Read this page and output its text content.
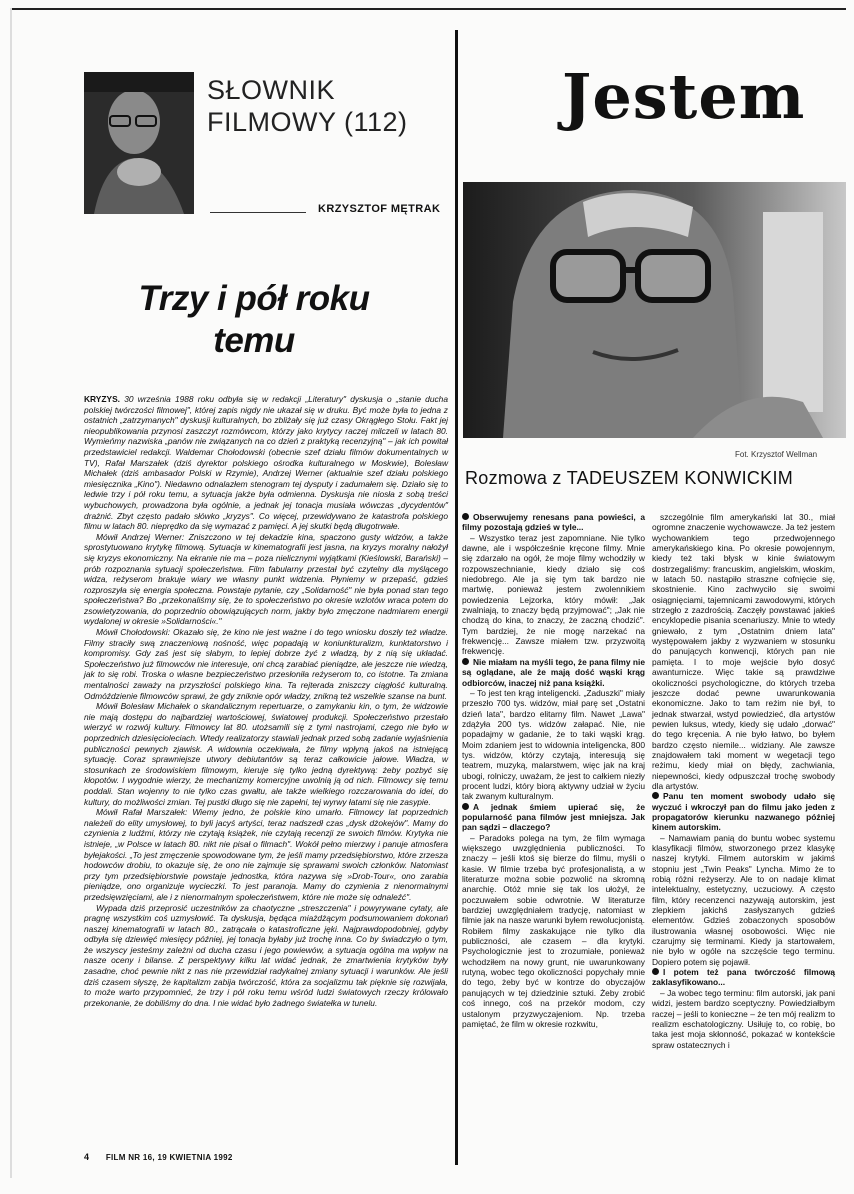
SŁOWNIK
FILMOWY (112)
KRZYSZTOF MĘTRAK
Trzy i pół roku
temu

KRYZYS. 30 września 1988 roku odbyła się w redakcji „Literatury" dyskusja o „stanie ducha polskiej twórczości filmowej", której zapis nigdy nie ukazał się w druku. Być może była to jedna z ostatnich „zatrzymanych" dyskusji kulturalnych, bo zbliżały się już czasy Okrągłego Stołu. Fakt jej nieopublikowania przynosi zaszczyt rozmówcom, którzy jako krytycy raczej milczeli w latach 80. Wymieńmy nazwiska „panów nie związanych na co dzień z praktyką recenzyjną" – jak ich powitał przedstawiciel redakcji. Waldemar Chołodowski (obecnie szef działu filmów dokumentalnych w TV), Rafał Marszałek (dziś dyrektor polskiego ośrodka kulturalnego w Moskwie), Bolesław Michałek (dziś ambasador Polski w Rzymie), Andrzej Werner (aktualnie szef działu polskiego miesięcznika „Kino"). Niedawno odnalazłem stenogram tej dysputy i zadumałem się. Działo się to ledwie trzy i pół roku temu, a sytuacja jakże była odmienna. Dyskusja nie niosła z sobą treści wybuchowych, prowadzona była ogólnie, a jednak jej tonacja musiała wówczas „dycydentów" drażnić. Zbyt często padało słówko „kryzys". Co więcej, przewidywano że katastrofa polskiego filmu w latach 80. nieprędko da się wymazać z pamięci. A jej skutki będą długotrwałe.

Mówił Andrzej Werner: Zniszczono w tej dekadzie kina, spaczono gusty widzów, a także sprostytuowano krytykę filmową. Sytuacja w kinematografii jest jasna, na kryzys moralny nałożył się kryzys ekonomiczny. Na ekranie nie ma – poza nielicznymi wyjątkami (Kieślowski, Barański) – prób rozpoznania sytuacji społeczeństwa. Film fabularny przestał być czytelny dla myślącego widza, reżyserom brakuje wiary we własny punkt widzenia. Płyniemy w przepaść, gdzieś rozproszyła się energia społeczna. Powstaje pytanie, czy „Solidarność" nie była ponad stan tego społeczeństwa? Bo „przekonaliśmy się, że to społeczeństwo po okresie wzlotów wraca potem do zsowietyzowania, do poprzednio obowiązujących norm, jakby było zmęczone nadmiarem energii wydalonej w okresie »Solidarności«."

Mówił Chołodowski: Okazało się, że kino nie jest ważne i do tego wniosku doszły też władze. Filmy straciły swą znaczeniową nośność, więc popadają w koniunkturalizm, kunktatorstwo i kompromisy. Gdy zaś jest się słabym, to lepiej dobrze żyć z władzą, by z nią się układać. Społeczeństwo już filmowców nie interesuje, oni chcą zarabiać pieniądze, ale jeszcze nie wiedzą, jak to się robi. Troska o własne bezpieczeństwo przesłoniła reżyserom to, co istotne. Ta zmiana mentalności zaważy na przyszłości polskiego kina. Ta rejterada zniszczy ciągłość kulturalną. Odmóździenie filmowców sprawi, że gdy zniknie opór władzy, znikną też wszelkie szanse na bunt.

Mówił Bolesław Michałek o skandalicznym repertuarze, o zamykaniu kin, o tym, że widzowie nie mają dostępu do najbardziej wartościowej, światowej produkcji. Społeczeństwo przestało wierzyć w rozwój kultury. Filmowcy lat 80. utożsamili się z tymi nastrojami, czego nie było w poprzednich dziesięcioleciach. Wtedy realizatorzy stawiali jednak przed sobą zadanie wyjaśnienia publiczności pewnych zjawisk. A widownia oczekiwała, że filmy wpłyną jakoś na istniejącą sytuację. Coraz sprawniejsze utwory debiutantów są teraz całkowicie jałowe. Władza, w stosunkach ze środowiskiem filmowym, kieruje się tylko jedną dyrektywą: żeby pozbyć się kłopotów. I wygodnie wierzy, że mechanizmy komercyjne uwolnią ją od nich. Filmowcy się temu poddali. Stan wojenny to nie tylko czas gwałtu, ale także wielkiego rozczarowania do idei, do kultury, do możliwości zmian. Tej pustki długo się nie zapełni, tej wyrwy łatami się nie zasypie.

Mówił Rafał Marszałek: Wiemy jedno, że polskie kino umarło. Filmowcy lat poprzednich należeli do elity umysłowej, to byli jacyś artyści, teraz nadszedł czas „dysk dżokejów". Mamy do czynienia z ludźmi, którzy nie czytają książek, nie czytają recenzji ze swoich filmów. Krytyka nie istnieje, „w Polsce w latach 80. nikt nie pisał o filmach". Wokół pełno mierzwy i panuje atmosfera byłejakości. „To jest zmęczenie spowodowane tym, że jeśli mamy przedsiębiorstwo, które zrzesza hodowców drobiu, to okazuje się, że ono nie zajmuje się sprawami swoich członków. Natomiast przy tym przedsiębiorstwie powstaje jednostka, która nazywa się »Drob-Tour«, ono zarabia pieniądze, ono organizuje wycieczki. To jest paranoja. Mamy do czynienia z nienormalnymi przedsięwzięciami, ale i z nienormalnym społeczeństwem, które nie może się odnaleźć".

Wypada dziś przeprosić uczestników za chaotyczne „streszczenia" i powyrywane cytaty, ale pragnę wszystkim coś uzmysłowić. Ta dyskusja, będąca miażdżącym podsumowaniem dokonań naszej kinematografii w latach 80., zatrącała o katastroficzne jęki. Najprawdopodobniej, gdyby odbyła się dziewięć miesięcy później, jej tonacja byłaby już trochę inna. Co by świadczyło o tym, że wszyscy jesteśmy zależni od ducha czasu i jego powiewów, a sytuacja ogólna ma wpływ na nasze oceny i bilanse. Z perspektywy kilku lat widać jednak, że zmartwienia krytyków były zasadne, choć pewnie nikt z nas nie przewidział radykalnej zmiany sytuacji i warunków. Ale jeśli dziś czasem słyszę, że kapitalizm zabija twórczość, która za socjalizmu tak pięknie się rozwijała, to może warto przypomnieć, że trzy i pół roku temu wśród ludzi światowych rzeczy królowało przekonanie, że dobiliśmy do dna. I nie widać było żadnego światełka w tunelu.

4 FILM NR 16, 19 KWIETNIA 1992
Jestem
Fot. Krzysztof Wellman
Rozmowa z TADEUSZEM KONWICKIM

Obserwujemy renesans pana powieści, a filmy pozostają gdzieś w tyle...

– Wszystko teraz jest zapomniane. Nie tylko dawne, ale i współcześnie kręcone filmy. Mnie się zdarzało na ogół, że moje filmy wchodziły w rozpowszechnianie, kiedy działo się coś niedobrego. Ale ja się tym tak bardzo nie martwię, ponieważ jestem zwolennikiem powiedzenia Lejzorka, który mówił: „Jak zwalniają, to znaczy będą przyjmować"; „Jak nie chodzą do kina, to znaczy, że zaczną chodzić". Tym bardziej, że nie mogę narzekać na frekwencję... Zawsze miałem tzw. przyzwoitą frekwencję.

Nie miałam na myśli tego, że pana filmy nie są oglądane, ale że mają dość wąski krąg odbiorców, inaczej niż pana książki.

– To jest ten krąg inteligencki. „Zaduszki" miały przeszło 700 tys. widzów, miał parę set „Ostatni dzień lata", bardzo elitarny film. Nawet „Lawa" zdążyła 200 tys. widzów załapać. Nie, nie popadajmy w gadanie, że to taki wąski krąg. Moim zdaniem jest to widownia inteligencka, 800 tys. widzów, którzy czytają, interesują się teatrem, muzyką, malarstwem, więc jak na kraj ubogi, rolniczy, uważam, że jest to całkiem niezły procent ludzi, który biorą aktywny udział w życiu tak zwanym kulturalnym.

A jednak śmiem upierać się, że popularność pana filmów jest mniejsza. Jak pan sądzi – dlaczego?

– Paradoks polega na tym, że film wymaga większego uwzględnienia publiczności. To znaczy – jeśli ktoś się bierze do filmu, myśli o kasie. W filmie trzeba być profesjonalistą, a w literaturze można sobie pozwolić na skromną anarchię. Otóż mnie się tak los ułożył, że poczuwałem sobie odwrotnie. W literaturze bardziej uwzględniałem tradycję, natomiast w filmie jak na nasze warunki byłem rewolucjonistą. Robiłem filmy zaskakujące nie tylko dla publiczności, ale czasem – dla krytyki. Psychologicznie jest to zrozumiałe, ponieważ wchodziłem na nowy grunt, nie uwarunkowany rutyną, wobec tego okoliczności popychały mnie do tego, żeby być w kontrze do obyczajów panujących w tej dziedzinie sztuki. Żeby zrobić coś innego, coś na przekór modom, czy ustalonym przyzwyczajeniom. Np. trzeba pamiętać, że film w okresie rozkwitu,

szczególnie film amerykański lat 30., miał ogromne znaczenie wychowawcze. Ja też jestem wychowankiem tego przedwojennego amerykańskiego kina. Po okresie powojennym, kiedy też taki błysk w kinie światowym dostrzegaliśmy: francuskim, angielskim, włoskim, w latach 50. nastąpiło straszne cofnięcie się, skostnienie. Kino zachwyciło się swoimi osiągnięciami, tajemnicami zawodowymi, których strzegło z zazdrością. Zaczęły powstawać jakieś encyklopedie pisania scenariuszy. Mnie to wtedy gniewało, z tym „Ostatnim dniem lata" występowałem jakby z wyzwaniem w stosunku do panujących konwencji, których pan nie pamięta. I to moje wejście było dosyć awanturnicze. Więc takie są prawdziwe okoliczności psychologiczne, do których trzeba jeszcze dodać pewne uwarunkowania ekonomiczne. Jako to tam reżim nie był, to jednak stwarzał, wstyd powiedzieć, dla artystów pewien luksus, wtedy, kiedy się udało „dorwać" do tego kręcenia. A nie było łatwo, bo byłem bardzo często niemile... widziany. Ale zawsze znajdowałem taki moment w wegetacji tego reżimu, kiedy miał on błędy, zachwiania, niepewności, kiedy odpuszczał trochę swobody dla artystów.

Panu ten moment swobody udało się wyczuć i wkroczył pan do filmu jako jeden z propagatorów kierunku nazwanego później kinem autorskim.

– Namawiam panią do buntu wobec systemu klasyfikacji filmów, stworzonego przez klasykę naszej krytyki. Filmem autorskim w jakimś stopniu jest „Twin Peaks" Lyncha. Mimo że to robią różni reżyserzy. Ale to on nadaje klimat intelektualny, estetyczny, uczuciowy. A często film, który recenzenci nazywają autorskim, jest zlepkiem jakichś zasłyszanych gdzieś elementów. Gdzieś zobaczonych sposobów ilustrowania własnej osobowości. Więc nie czarujmy się terminami. Kiedy ja startowałem, nie było w ogóle na szczęście tego terminu. Dopiero potem się pojawił.

I potem też pana twórczość filmową zaklasyfikowano...

– Ja wobec tego terminu: film autorski, jak pani widzi, jestem bardzo sceptyczny. Powiedziałbym raczej – jeśli to konieczne – że ten mój realizm to realizm eschatologiczny. Usiłuję to, co robię, bo taka jest moja skłonność, pokazać w kontekście spraw ostatecznych i
